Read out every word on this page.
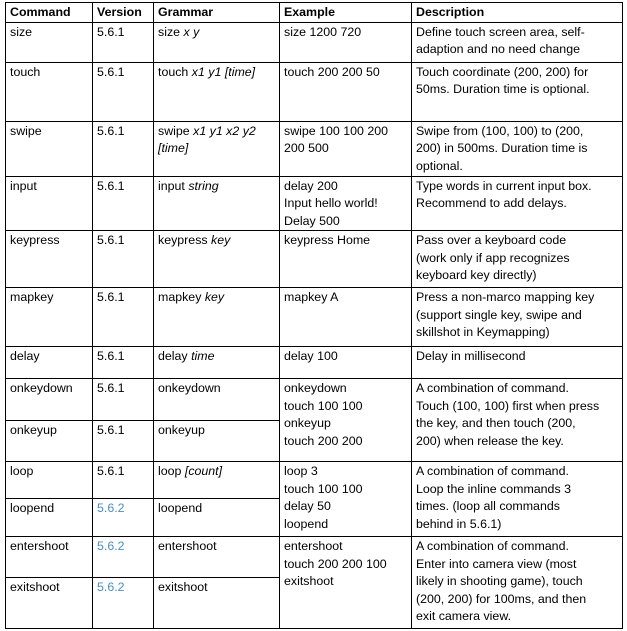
Command	Version	Grammar	Example	Description
size	5.6.1	size x y	size 1200 720	Define touch screen area, self-
adaption and no need change

touch	5.6.1	touch x1 y1 [time]	touch 200 200 50	Touch coordinate (200, 200) for
50ms. Duration time is optional.

swipe	5.6.1	swipe x1 y1 x2 y2
[time]	swipe 100 100 200
200 500	Swipe from (100, 100) to (200,
200) in 500ms. Duration time is
optional.

input	5.6.1	input string	delay 200
Input hello world!
Delay 500	Type words in current input box.
Recommend to add delays.

keypress	5.6.1	keypress key	keypress Home	Pass over a keyboard code
(work only if app recognizes
keyboard key directly)

mapkey	5.6.1	mapkey key	mapkey A	Press a non-marco mapping key
(support single key, swipe and
skillshot in Keymapping)

delay	5.6.1	delay time	delay 100	Delay in millisecond

onkeydown	5.6.1	onkeydown	onkeydown
touch 100 100
onkeyup
touch 200 200	A combination of command.
Touch (100, 100) first when press
the key, and then touch (200,
200) when release the key.

onkeyup	5.6.1	onkeyup		
loop	5.6.1	loop [count]	loop 3
touch 100 100
delay 50
loopend	A combination of command.
Loop the inline commands 3
times. (loop all commands
behind in 5.6.1)

loopend	5.6.2	loopend		
entershoot	5.6.2	entershoot	entershoot
touch 200 200 100
exitshoot	A combination of command.
Enter into camera view (most
likely in shooting game), touch
(200, 200) for 100ms, and then
exit camera view.

exitshoot	5.6.2	exitshoot		
